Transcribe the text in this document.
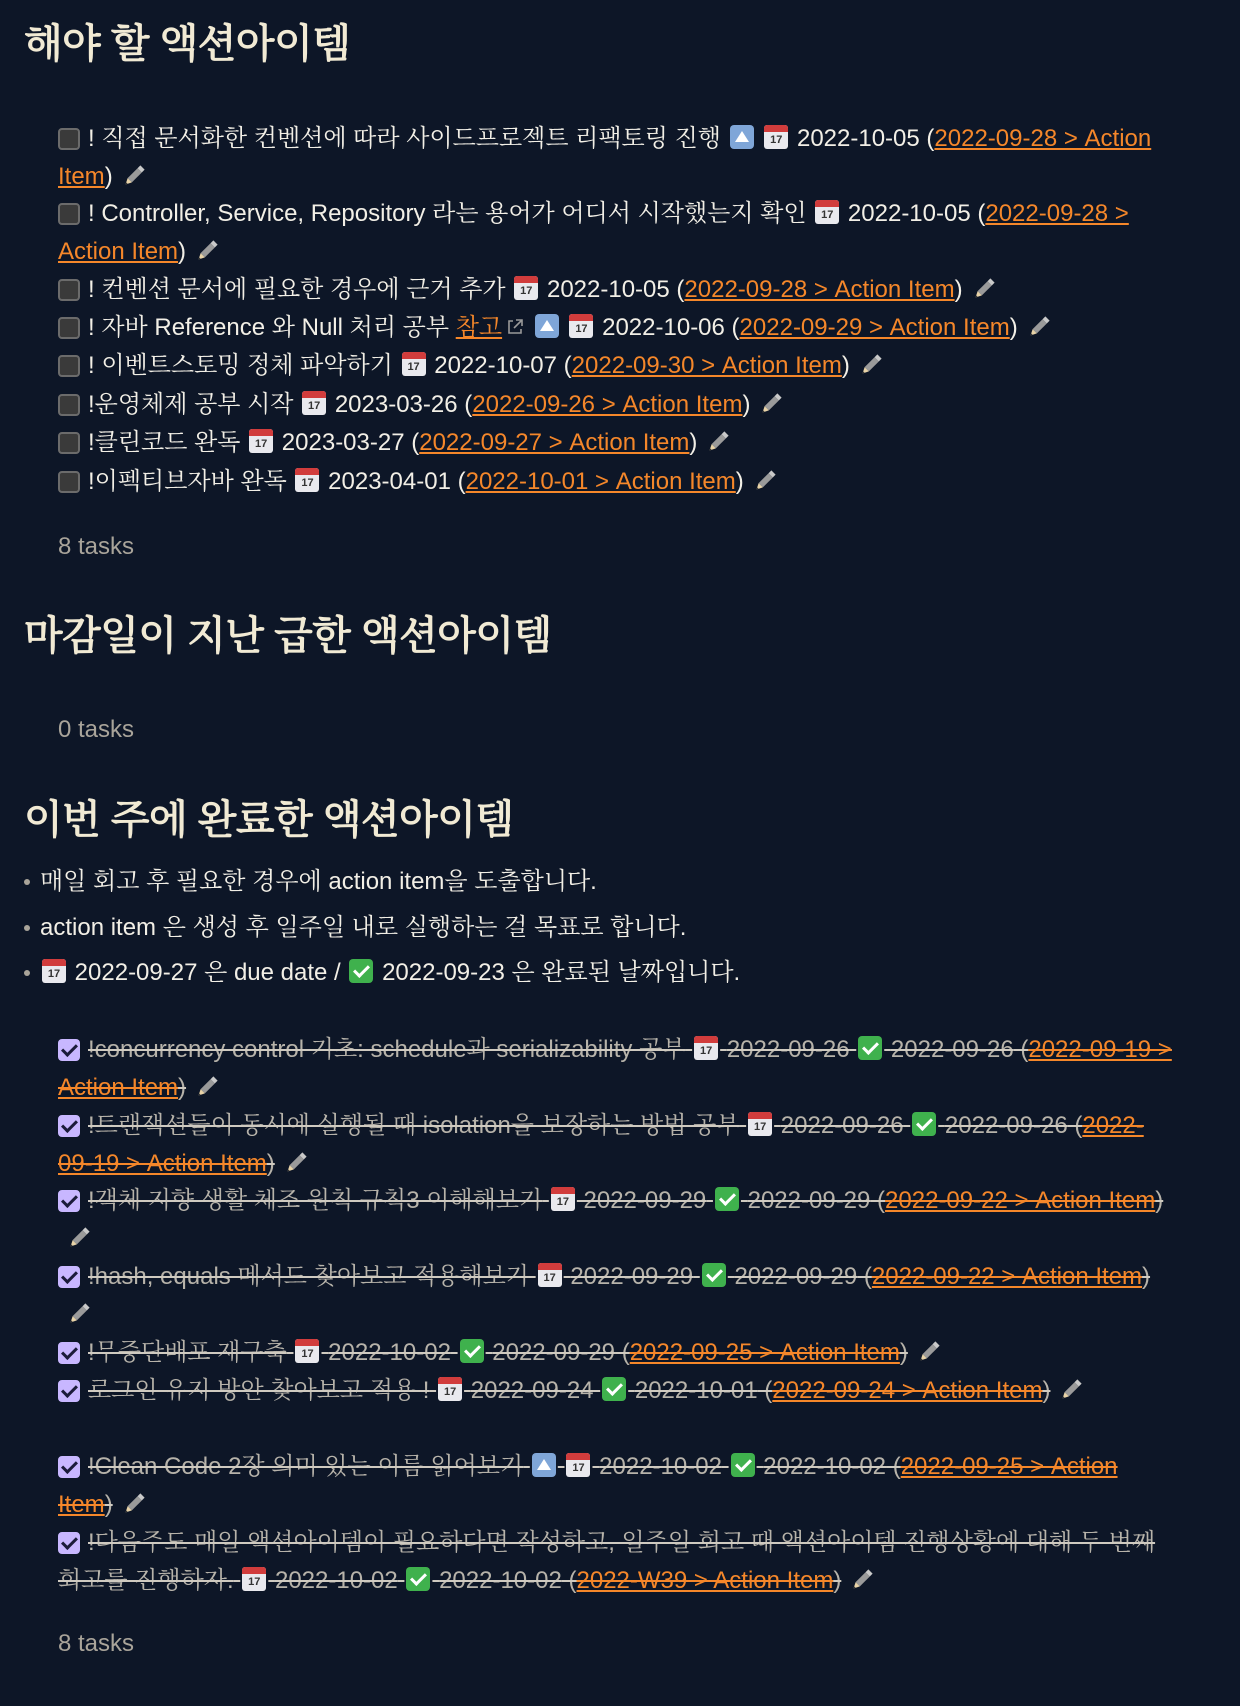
해야 할 액션아이템
! 직접 문서화한 컨벤션에 따라 사이드프로젝트 리팩토링 진행	17 2022-10-05 (2022-09-28 > Action Item)
! Controller, Service, Repository 라는 용어가 어디서 시작했는지 확인	17 2022-10-05 (2022-09-28 > Action Item)
! 컨벤션 문서에 필요한 경우에 근거 추가	17 2022-10-05 (2022-09-28 > Action Item)
! 자바 Reference 와 Null 처리 공부 참고	17 2022-10-06 (2022-09-29 > Action Item)
! 이벤트스토밍 정체 파악하기	17 2022-10-07 (2022-09-30 > Action Item)
!운영체제 공부 시작	17 2023-03-26 (2022-09-26 > Action Item)
!클린코드 완독	17 2023-03-27 (2022-09-27 > Action Item)
!이펙티브자바 완독	17 2023-04-01 (2022-10-01 > Action Item)
8 tasks
마감일이 지난 급한 액션아이템
0 tasks
이번 주에 완료한 액션아이템
매일 회고 후 필요한 경우에 action item을 도출합니다.
action item 은 생성 후 일주일 내로 실행하는 걸 목표로 합니다.
17 2022-09-27 은 due date / 2022-09-23 은 완료된 날짜입니다.
!concurrency control 기초: schedule과 serializability 공부	17 2022-09-26 2022-09-26 (2022-09-19 > Action Item)
!트랜잭션들이 동시에 실행될 때 isolation을 보장하는 방법 공부	17 2022-09-26 2022-09-26 (2022-09-19 > Action Item)
!객체 지향 생활 체조 원칙 규칙3 이해해보기	17 2022-09-29 2022-09-29 (2022-09-22 > Action Item)
!hash, equals 메서드 찾아보고 적용해보기	17 2022-09-29 2022-09-29 (2022-09-22 > Action Item)
!무중단배포 재구축	17 2022-10-02 2022-09-29 (2022-09-25 > Action Item)
로그인 유지 방안 찾아보고 적용 !	17 2022-09-24 2022-10-01 (2022-09-24 > Action Item)
!Clean Code 2장 의미 있는 이름 읽어보기	17 2022-10-02 2022-10-02 (2022-09-25 > Action Item)
!다음주도 매일 액션아이템이 필요하다면 작성하고, 일주일 회고 때 액션아이템 진행상황에 대해 두 번째 회고를 진행하자.	17 2022-10-02 2022-10-02 (2022-W39 > Action Item)
8 tasks
